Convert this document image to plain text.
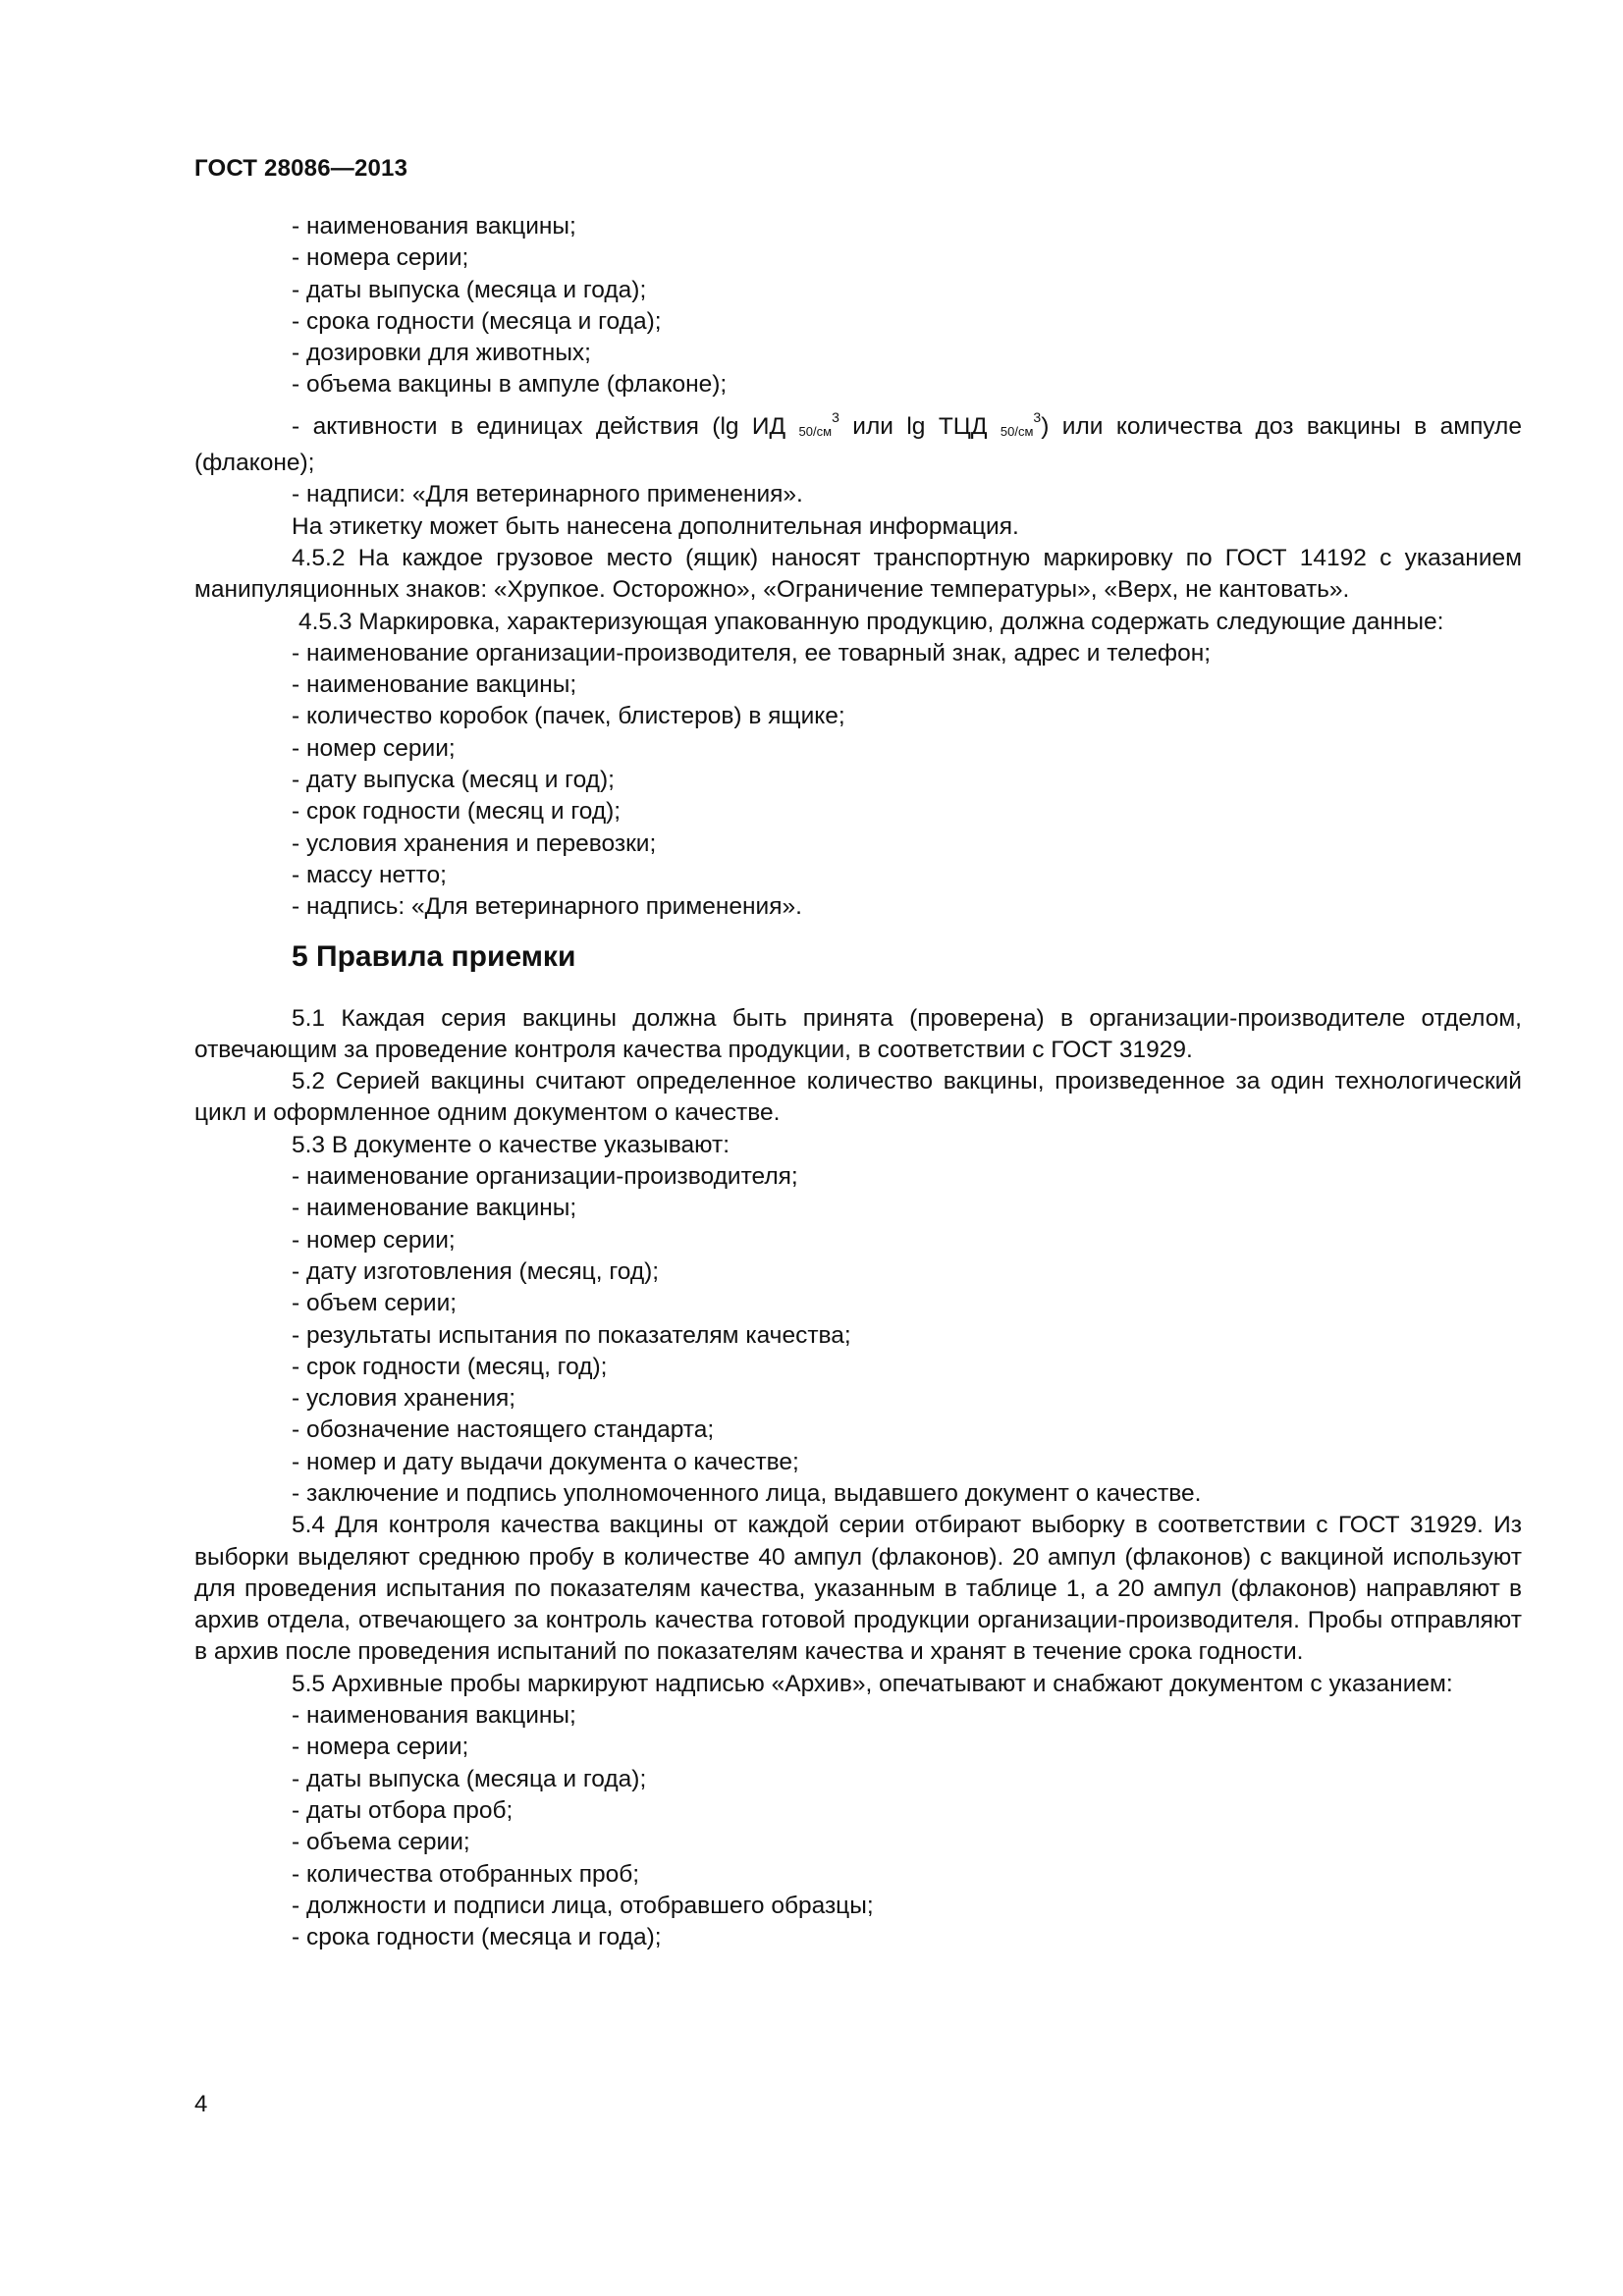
ГОСТ 28086—2013

- наименования вакцины;

- номера серии;

- даты выпуска (месяца и года);

- срока годности (месяца и года);

- дозировки для животных;

- объема вакцины в ампуле (флаконе);

- активности в единицах действия (lg ИД $50/см^3$ или lg ТЦД $50/см^3$) или количества доз вакцины в ампуле (флаконе);

- надписи: «Для ветеринарного применения».

На этикетку может быть нанесена дополнительная информация.

4.5.2 На каждое грузовое место (ящик) наносят транспортную маркировку по ГОСТ 14192 с указанием манипуляционных знаков: «Хрупкое. Осторожно», «Ограничение температуры», «Верх, не кантовать».

4.5.3 Маркировка, характеризующая упакованную продукцию, должна содержать следующие данные:

- наименование организации-производителя, ее товарный знак, адрес и телефон;

- наименование вакцины;

- количество коробок (пачек, блистеров) в ящике;

- номер серии;

- дату выпуска (месяц и год);

- срок годности (месяц и год);

- условия хранения и перевозки;

- массу нетто;

- надпись: «Для ветеринарного применения».

5 Правила приемки

5.1 Каждая серия вакцины должна быть принята (проверена) в организации-производителе отделом, отвечающим за проведение контроля качества продукции, в соответствии с ГОСТ 31929.

5.2 Серией вакцины считают определенное количество вакцины, произведенное за один технологический цикл и оформленное одним документом о качестве.

5.3 В документе о качестве указывают:

- наименование организации-производителя;

- наименование вакцины;

- номер серии;

- дату изготовления (месяц, год);

- объем серии;

- результаты испытания по показателям качества;

- срок годности (месяц, год);

- условия хранения;

- обозначение настоящего стандарта;

- номер и дату выдачи документа о качестве;

- заключение и подпись уполномоченного лица, выдавшего документ о качестве.

5.4 Для контроля качества вакцины от каждой серии отбирают выборку в соответствии с ГОСТ 31929. Из выборки выделяют среднюю пробу в количестве 40 ампул (флаконов). 20 ампул (флаконов) с вакциной используют для проведения испытания по показателям качества, указанным в таблице 1, а 20 ампул (флаконов) направляют в архив отдела, отвечающего за контроль качества готовой продукции организации-производителя. Пробы отправляют в архив после проведения испытаний по показателям качества и хранят в течение срока годности.

5.5 Архивные пробы маркируют надписью «Архив», опечатывают и снабжают документом с указанием:

- наименования вакцины;

- номера серии;

- даты выпуска (месяца и года);

- даты отбора проб;

- объема серии;

- количества отобранных проб;

- должности и подписи лица, отобравшего образцы;

- срока годности (месяца и года);

4
